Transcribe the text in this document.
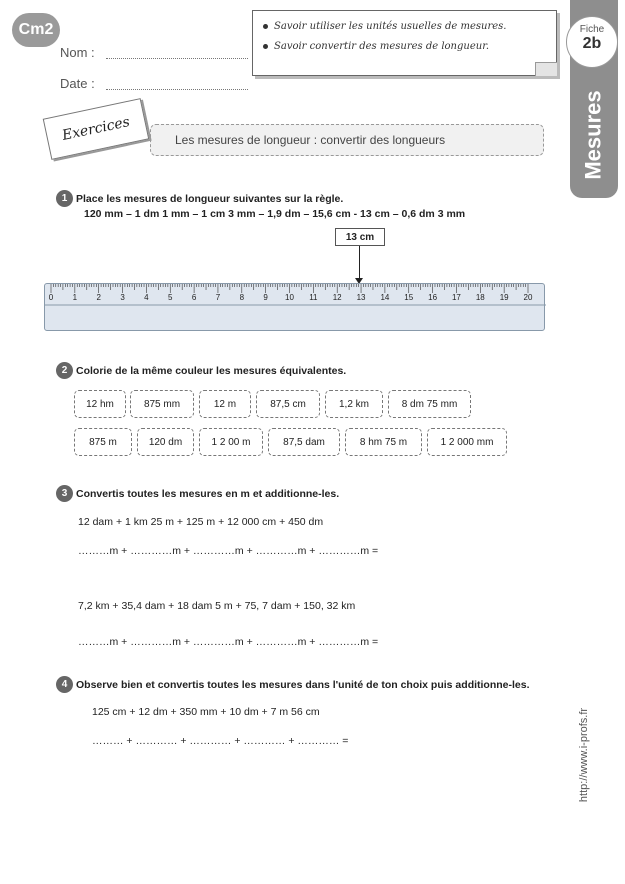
Cm2
Nom :
Date :
Savoir utiliser les unités usuelles de mesures.
Savoir convertir des mesures de longueur.
Fiche
2b
Mesures
Les mesures de longueur : convertir des longueurs
Exercices
1 Place les mesures de longueur suivantes sur la règle.
120 mm – 1 dm 1 mm – 1 cm 3 mm – 1,9 dm – 15,6 cm - 13 cm – 0,6 dm 3 mm
13 cm
0 1 2 3 4 5 6 7 8 9 10 11 12 13 14 15 16 17 18 19 20
2 Colorie de la même couleur les mesures équivalentes.
12 hm	875 mm	12 m	87,5 cm	1,2 km	8 dm 75 mm
875 m	120 dm	1 2 00 m	87,5 dam	8 hm 75 m	1 2 000 mm
3 Convertis toutes les mesures en m et additionne-les.
12 dam + 1 km 25 m + 125 m + 12 000 cm + 450 dm
………m + …………m + …………m + …………m + …………m =
7,2 km + 35,4 dam + 18 dam 5 m + 75, 7 dam + 150, 32 km
………m + …………m + …………m + …………m + …………m =
4 Observe bien et convertis toutes les mesures dans l'unité de ton choix puis additionne-les.
125 cm + 12 dm + 350 mm + 10 dm + 7 m 56 cm
……… + ………… + ………… + ………… + ………… =	http://www.i-profs.fr
